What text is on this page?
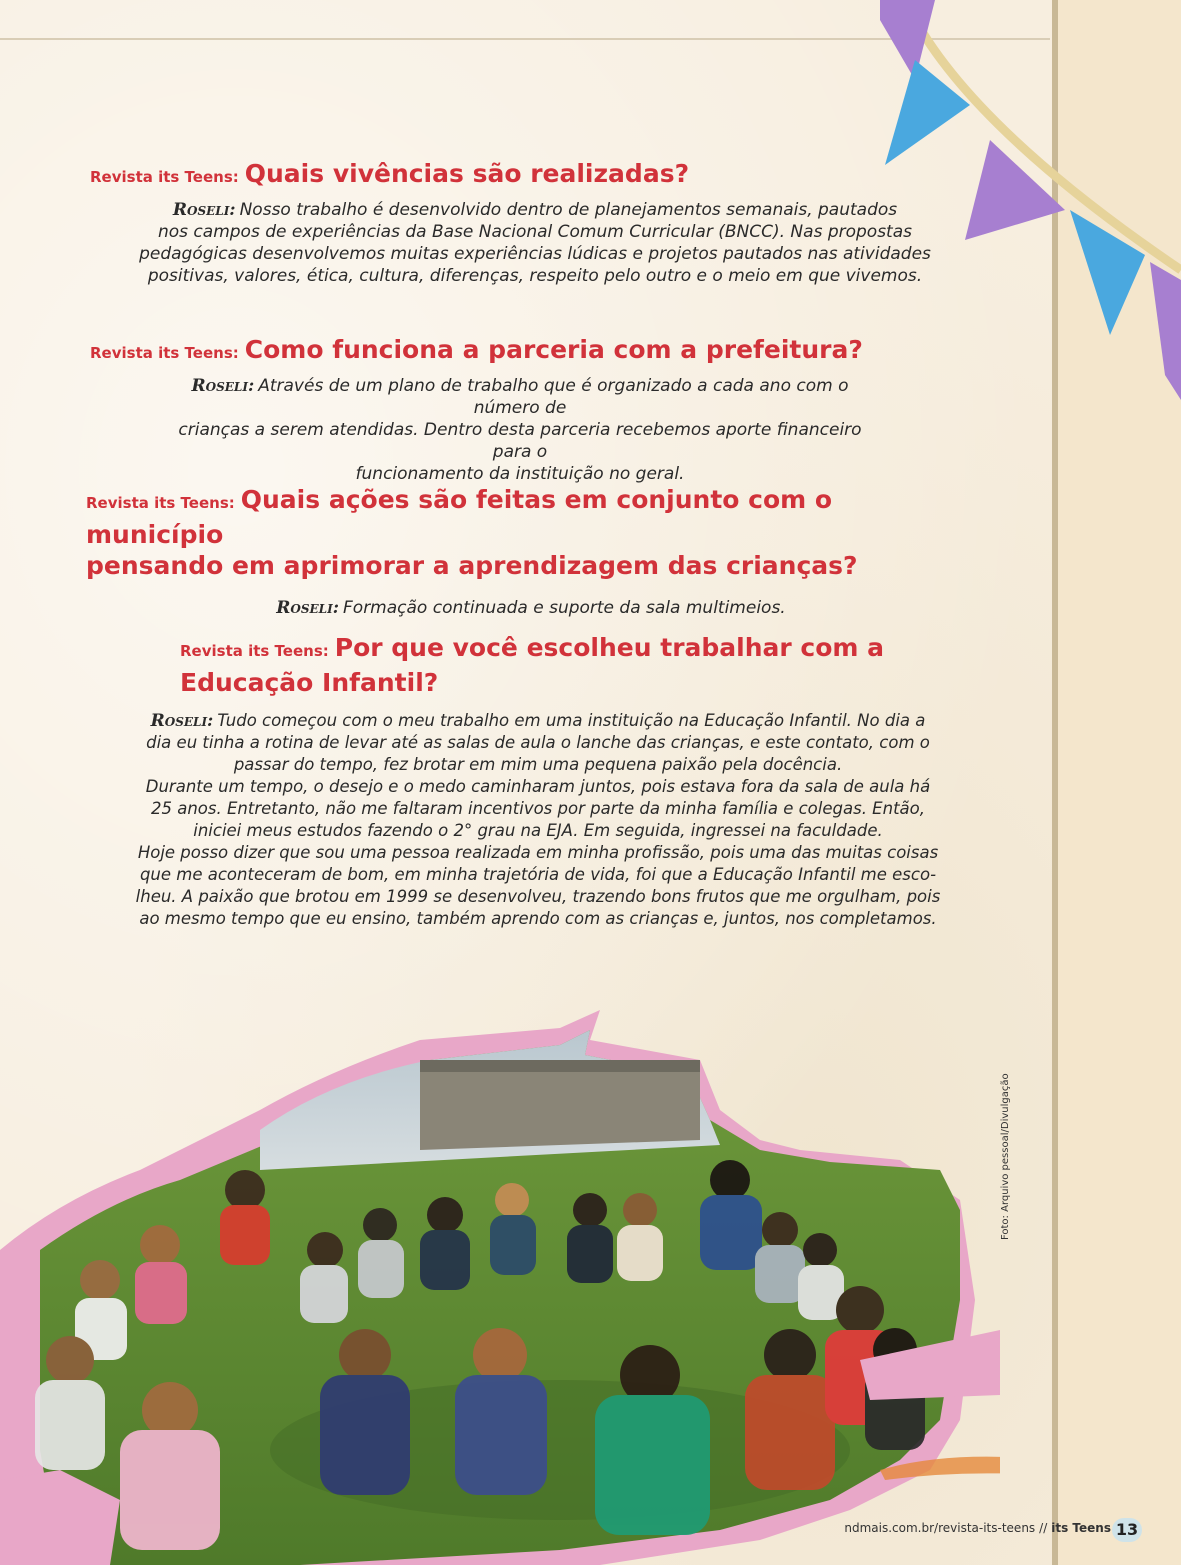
Revista its Teens: Quais vivências são realizadas?

Roseli: Nosso trabalho é desenvolvido dentro de planejamentos semanais, pautados
nos campos de experiências da Base Nacional Comum Curricular (BNCC). Nas propostas
pedagógicas desenvolvemos muitas experiências lúdicas e projetos pautados nas atividades
positivas, valores, ética, cultura, diferenças, respeito pelo outro e o meio em que vivemos.

Revista its Teens: Como funciona a parceria com a prefeitura?

Roseli: Através de um plano de trabalho que é organizado a cada ano com o número de
crianças a serem atendidas. Dentro desta parceria recebemos aporte financeiro para o
funcionamento da instituição no geral.

Revista its Teens: Quais ações são feitas em conjunto com o município
pensando em aprimorar a aprendizagem das crianças?

Roseli: Formação continuada e suporte da sala multimeios.

Revista its Teens: Por que você escolheu trabalhar com a
Educação Infantil?

Roseli: Tudo começou com o meu trabalho em uma instituição na Educação Infantil. No dia a
dia eu tinha a rotina de levar até as salas de aula o lanche das crianças, e este contato, com o
passar do tempo, fez brotar em mim uma pequena paixão pela docência.
Durante um tempo, o desejo e o medo caminharam juntos, pois estava fora da sala de aula há
25 anos. Entretanto, não me faltaram incentivos por parte da minha família e colegas. Então,
iniciei meus estudos fazendo o 2° grau na EJA. Em seguida, ingressei na faculdade.
Hoje posso dizer que sou uma pessoa realizada em minha profissão, pois uma das muitas coisas
que me aconteceram de bom, em minha trajetória de vida, foi que a Educação Infantil me esco-
lheu. A paixão que brotou em 1999 se desenvolveu, trazendo bons frutos que me orgulham, pois
ao mesmo tempo que eu ensino, também aprendo com as crianças e, juntos, nos completamos.

Foto: Arquivo pessoal/Divulgação
ndmais.com.br/revista-its-teens // its Teens 13
